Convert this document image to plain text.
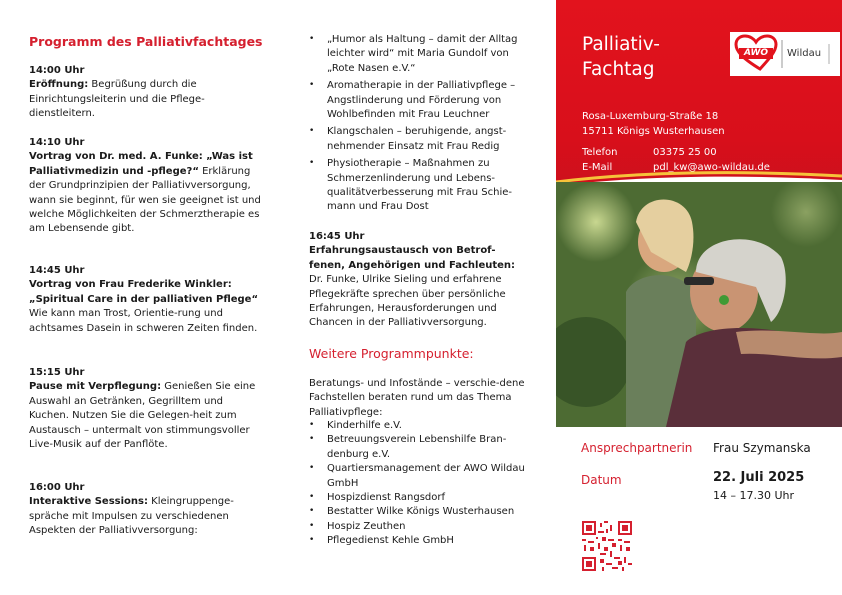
Programm des Palliativfachtages
14:00 Uhr
Eröffnung: Begrüßung durch die Einrichtungsleiterin und die Pflege-dienstleitern.
14:10 Uhr
Vortrag von Dr. med. A. Funke: „Was ist Palliativmedizin und -pflege?“ Erklärung der Grundprinzipien der Palliativversorgung, wann sie beginnt, für wen sie geeignet ist und welche Möglichkeiten der Schmerztherapie es am Lebensende gibt.
14:45 Uhr
Vortrag von Frau Frederike Winkler: „Spiritual Care in der palliativen Pflege“ Wie kann man Trost, Orientie-rung und achtsames Dasein in schweren Zeiten finden.
15:15 Uhr
Pause mit Verpflegung: Genießen Sie eine Auswahl an Getränken, Gegrilltem und Kuchen. Nutzen Sie die Gelegen-heit zum Austausch – untermalt von stimmungsvoller Live-Musik auf der Panflöte.
16:00 Uhr
Interaktive Sessions: Kleingruppenge-spräche mit Impulsen zu verschiedenen Aspekten der Palliativversorgung:
• „Humor als Haltung – damit der Alltag leichter wird“ mit Maria Gundolf von „Rote Nasen e.V.“
• Aromatherapie in der Palliativpflege – Angstlinderung und Förderung von Wohlbefinden mit Frau Leuchner
• Klangschalen – beruhigende, angst-nehmender Einsatz mit Frau Redig
• Physiotherapie – Maßnahmen zu Schmerzenlinderung und Lebens-qualitätverbesserung mit Frau Schie-mann und Frau Dost
16:45 Uhr
Erfahrungsaustausch von Betrof-fenen, Angehörigen und Fachleuten:
Dr. Funke, Ulrike Sieling und erfahrene Pflegekräfte sprechen über persönliche Erfahrungen, Herausforderungen und Chancen in der Palliativversorgung.
Weitere Programmpunkte:
Beratungs- und Infostände – verschie-dene Fachstellen beraten rund um das Thema Palliativpflege:
• Kinderhilfe e.V.
• Betreuungsverein Lebenshilfe Bran-denburg e.V.
• Quartiersmanagement der AWO Wildau GmbH
• Hospizdienst Rangsdorf
• Bestatter Wilke Königs Wusterhausen
• Hospiz Zeuthen
• Pflegedienst Kehle GmbH
Palliativ-
Fachtag
AWO	Wildau
Rosa-Luxemburg-Straße 18
15711 Königs Wusterhausen
Telefon	03375 25 00
E-Mail	pdl_kw@awo-wildau.de
Ansprechpartnerin Frau Szymanska
Datum	22. Juli 2025
14 – 17.30 Uhr
